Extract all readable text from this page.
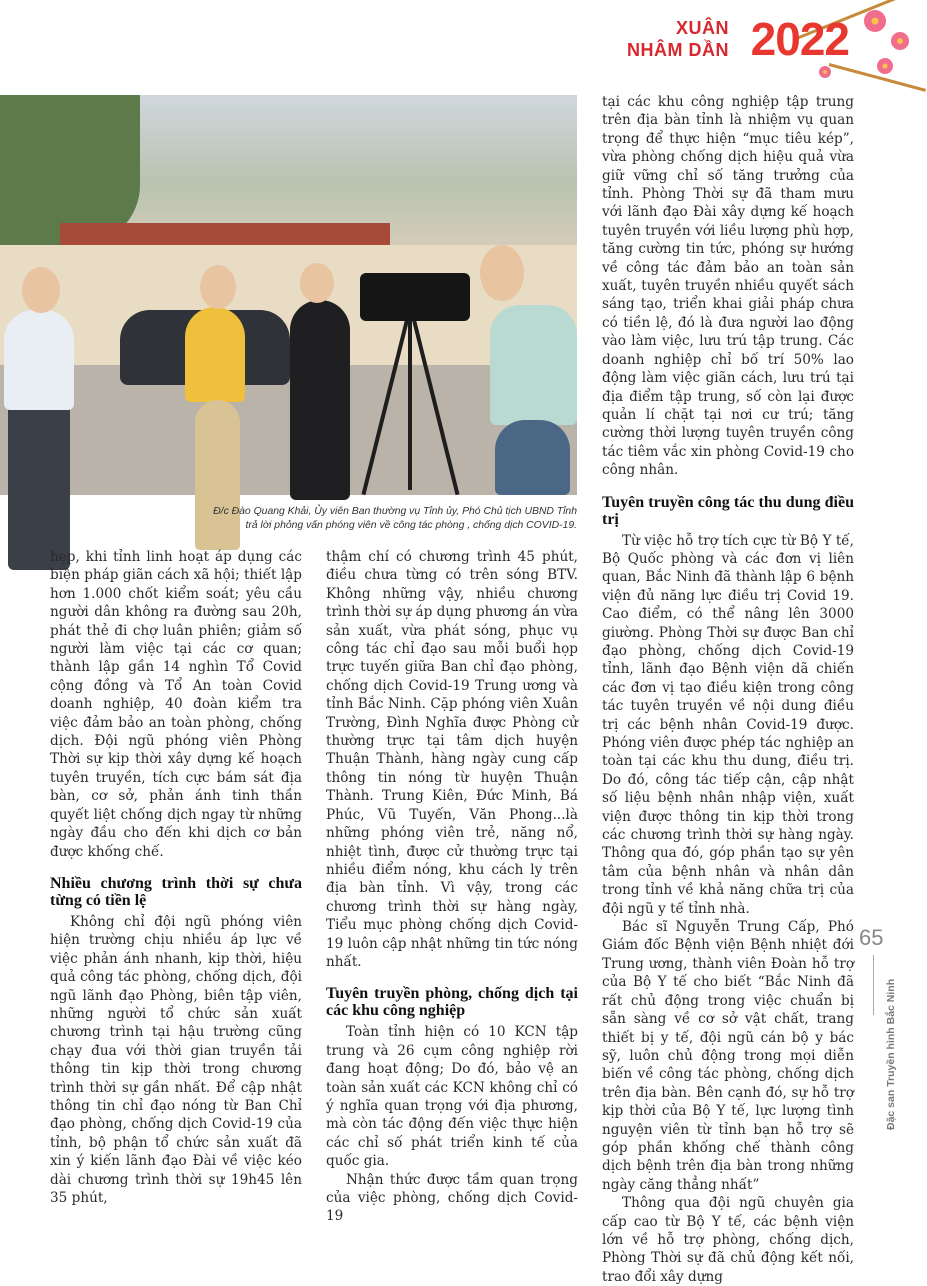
XUÂN
NHÂM DẦN 2022
Đ/c Đào Quang Khải, Ủy viên Ban thường vụ Tỉnh ủy, Phó Chủ tịch UBND Tỉnh
trả lời phỏng vấn phóng viên về công tác phòng , chống dịch COVID-19.

hẹp, khi tỉnh linh hoạt áp dụng các biện pháp giãn cách xã hội; thiết lập hơn 1.000 chốt kiểm soát; yêu cầu người dân không ra đường sau 20h, phát thẻ đi chợ luân phiên; giảm số người làm việc tại các cơ quan; thành lập gần 14 nghìn Tổ Covid cộng đồng và Tổ An toàn Covid doanh nghiệp, 40 đoàn kiểm tra việc đảm bảo an toàn phòng, chống dịch. Đội ngũ phóng viên Phòng Thời sự kịp thời xây dựng kế hoạch tuyên truyền, tích cực bám sát địa bàn, cơ sở, phản ánh tinh thần quyết liệt chống dịch ngay từ những ngày đầu cho đến khi dịch cơ bản được khống chế.

Nhiều chương trình thời sự chưa từng có tiền lệ

Không chỉ đội ngũ phóng viên hiện trường chịu nhiều áp lực về việc phản ánh nhanh, kịp thời, hiệu quả công tác phòng, chống dịch, đội ngũ lãnh đạo Phòng, biên tập viên, những người tổ chức sản xuất chương trình tại hậu trường cũng chạy đua với thời gian truyền tải thông tin kịp thời trong chương trình thời sự gần nhất. Để cập nhật thông tin chỉ đạo nóng từ Ban Chỉ đạo phòng, chống dịch Covid-19 của tỉnh, bộ phận tổ chức sản xuất đã xin ý kiến lãnh đạo Đài về việc kéo dài chương trình thời sự 19h45 lên 35 phút,

thậm chí có chương trình 45 phút, điều chưa từng có trên sóng BTV. Không những vậy, nhiều chương trình thời sự áp dụng phương án vừa sản xuất, vừa phát sóng, phục vụ công tác chỉ đạo sau mỗi buổi họp trực tuyến giữa Ban chỉ đạo phòng, chống dịch Covid-19 Trung ương và tỉnh Bắc Ninh. Cặp phóng viên Xuân Trường, Đình Nghĩa được Phòng cử thường trực tại tâm dịch huyện Thuận Thành, hàng ngày cung cấp thông tin nóng từ huyện Thuận Thành. Trung Kiên, Đức Minh, Bá Phúc, Vũ Tuyến, Văn Phong...là những phóng viên trẻ, năng nổ, nhiệt tình, được cử thường trực tại nhiều điểm nóng, khu cách ly trên địa bàn tỉnh. Vì vậy, trong các chương trình thời sự hàng ngày, Tiểu mục phòng chống dịch Covid-19 luôn cập nhật những tin tức nóng nhất.

Tuyên truyền phòng, chống dịch tại các khu công nghiệp

Toàn tỉnh hiện có 10 KCN tập trung và 26 cụm công nghiệp rời đang hoạt động; Do đó, bảo vệ an toàn sản xuất các KCN không chỉ có ý nghĩa quan trọng với địa phương, mà còn tác động đến việc thực hiện các chỉ số phát triển kinh tế của quốc gia.

Nhận thức được tầm quan trọng của việc phòng, chống dịch Covid-19

tại các khu công nghiệp tập trung trên địa bàn tỉnh là nhiệm vụ quan trọng để thực hiện “mục tiêu kép”, vừa phòng chống dịch hiệu quả vừa giữ vững chỉ số tăng trưởng của tỉnh. Phòng Thời sự đã tham mưu với lãnh đạo Đài xây dựng kế hoạch tuyên truyền với liều lượng phù hợp, tăng cường tin tức, phóng sự hướng về công tác đảm bảo an toàn sản xuất, tuyên truyền nhiều quyết sách sáng tạo, triển khai giải pháp chưa có tiền lệ, đó là đưa người lao động vào làm việc, lưu trú tập trung. Các doanh nghiệp chỉ bố trí 50% lao động làm việc giãn cách, lưu trú tại địa điểm tập trung, số còn lại được quản lí chặt tại nơi cư trú; tăng cường thời lượng tuyên truyền công tác tiêm vắc xin phòng Covid-19 cho công nhân.

Tuyên truyền công tác thu dung điều trị

Từ việc hỗ trợ tích cực từ Bộ Y tế, Bộ Quốc phòng và các đơn vị liên quan, Bắc Ninh đã thành lập 6 bệnh viện đủ năng lực điều trị Covid 19. Cao điểm, có thể nâng lên 3000 giường. Phòng Thời sự được Ban chỉ đạo phòng, chống dịch Covid-19 tỉnh, lãnh đạo Bệnh viện dã chiến các đơn vị tạo điều kiện trong công tác tuyên truyền về nội dung điều trị các bệnh nhân Covid-19 được. Phóng viên được phép tác nghiệp an toàn tại các khu thu dung, điều trị. Do đó, công tác tiếp cận, cập nhật số liệu bệnh nhân nhập viện, xuất viện được thông tin kịp thời trong các chương trình thời sự hàng ngày. Thông qua đó, góp phần tạo sự yên tâm của bệnh nhân và nhân dân trong tỉnh về khả năng chữa trị của đội ngũ y tế tỉnh nhà.

Bác sĩ Nguyễn Trung Cấp, Phó Giám đốc Bệnh viện Bệnh nhiệt đới Trung ương, thành viên Đoàn hỗ trợ của Bộ Y tế cho biết “Bắc Ninh đã rất chủ động trong việc chuẩn bị sẵn sàng về cơ sở vật chất, trang thiết bị y tế, đội ngũ cán bộ y bác sỹ, luôn chủ động trong mọi diễn biến về công tác phòng, chống dịch trên địa bàn. Bên cạnh đó, sự hỗ trợ kịp thời của Bộ Y tế, lực lượng tình nguyện viên từ tỉnh bạn hỗ trợ sẽ góp phần khống chế thành công dịch bệnh trên địa bàn trong những ngày căng thẳng nhất”

Thông qua đội ngũ chuyên gia cấp cao từ Bộ Y tế, các bệnh viện lớn về hỗ trợ phòng, chống dịch, Phòng Thời sự đã chủ động kết nối, trao đổi xây dựng

65
Đặc san Truyền hình Bắc Ninh
